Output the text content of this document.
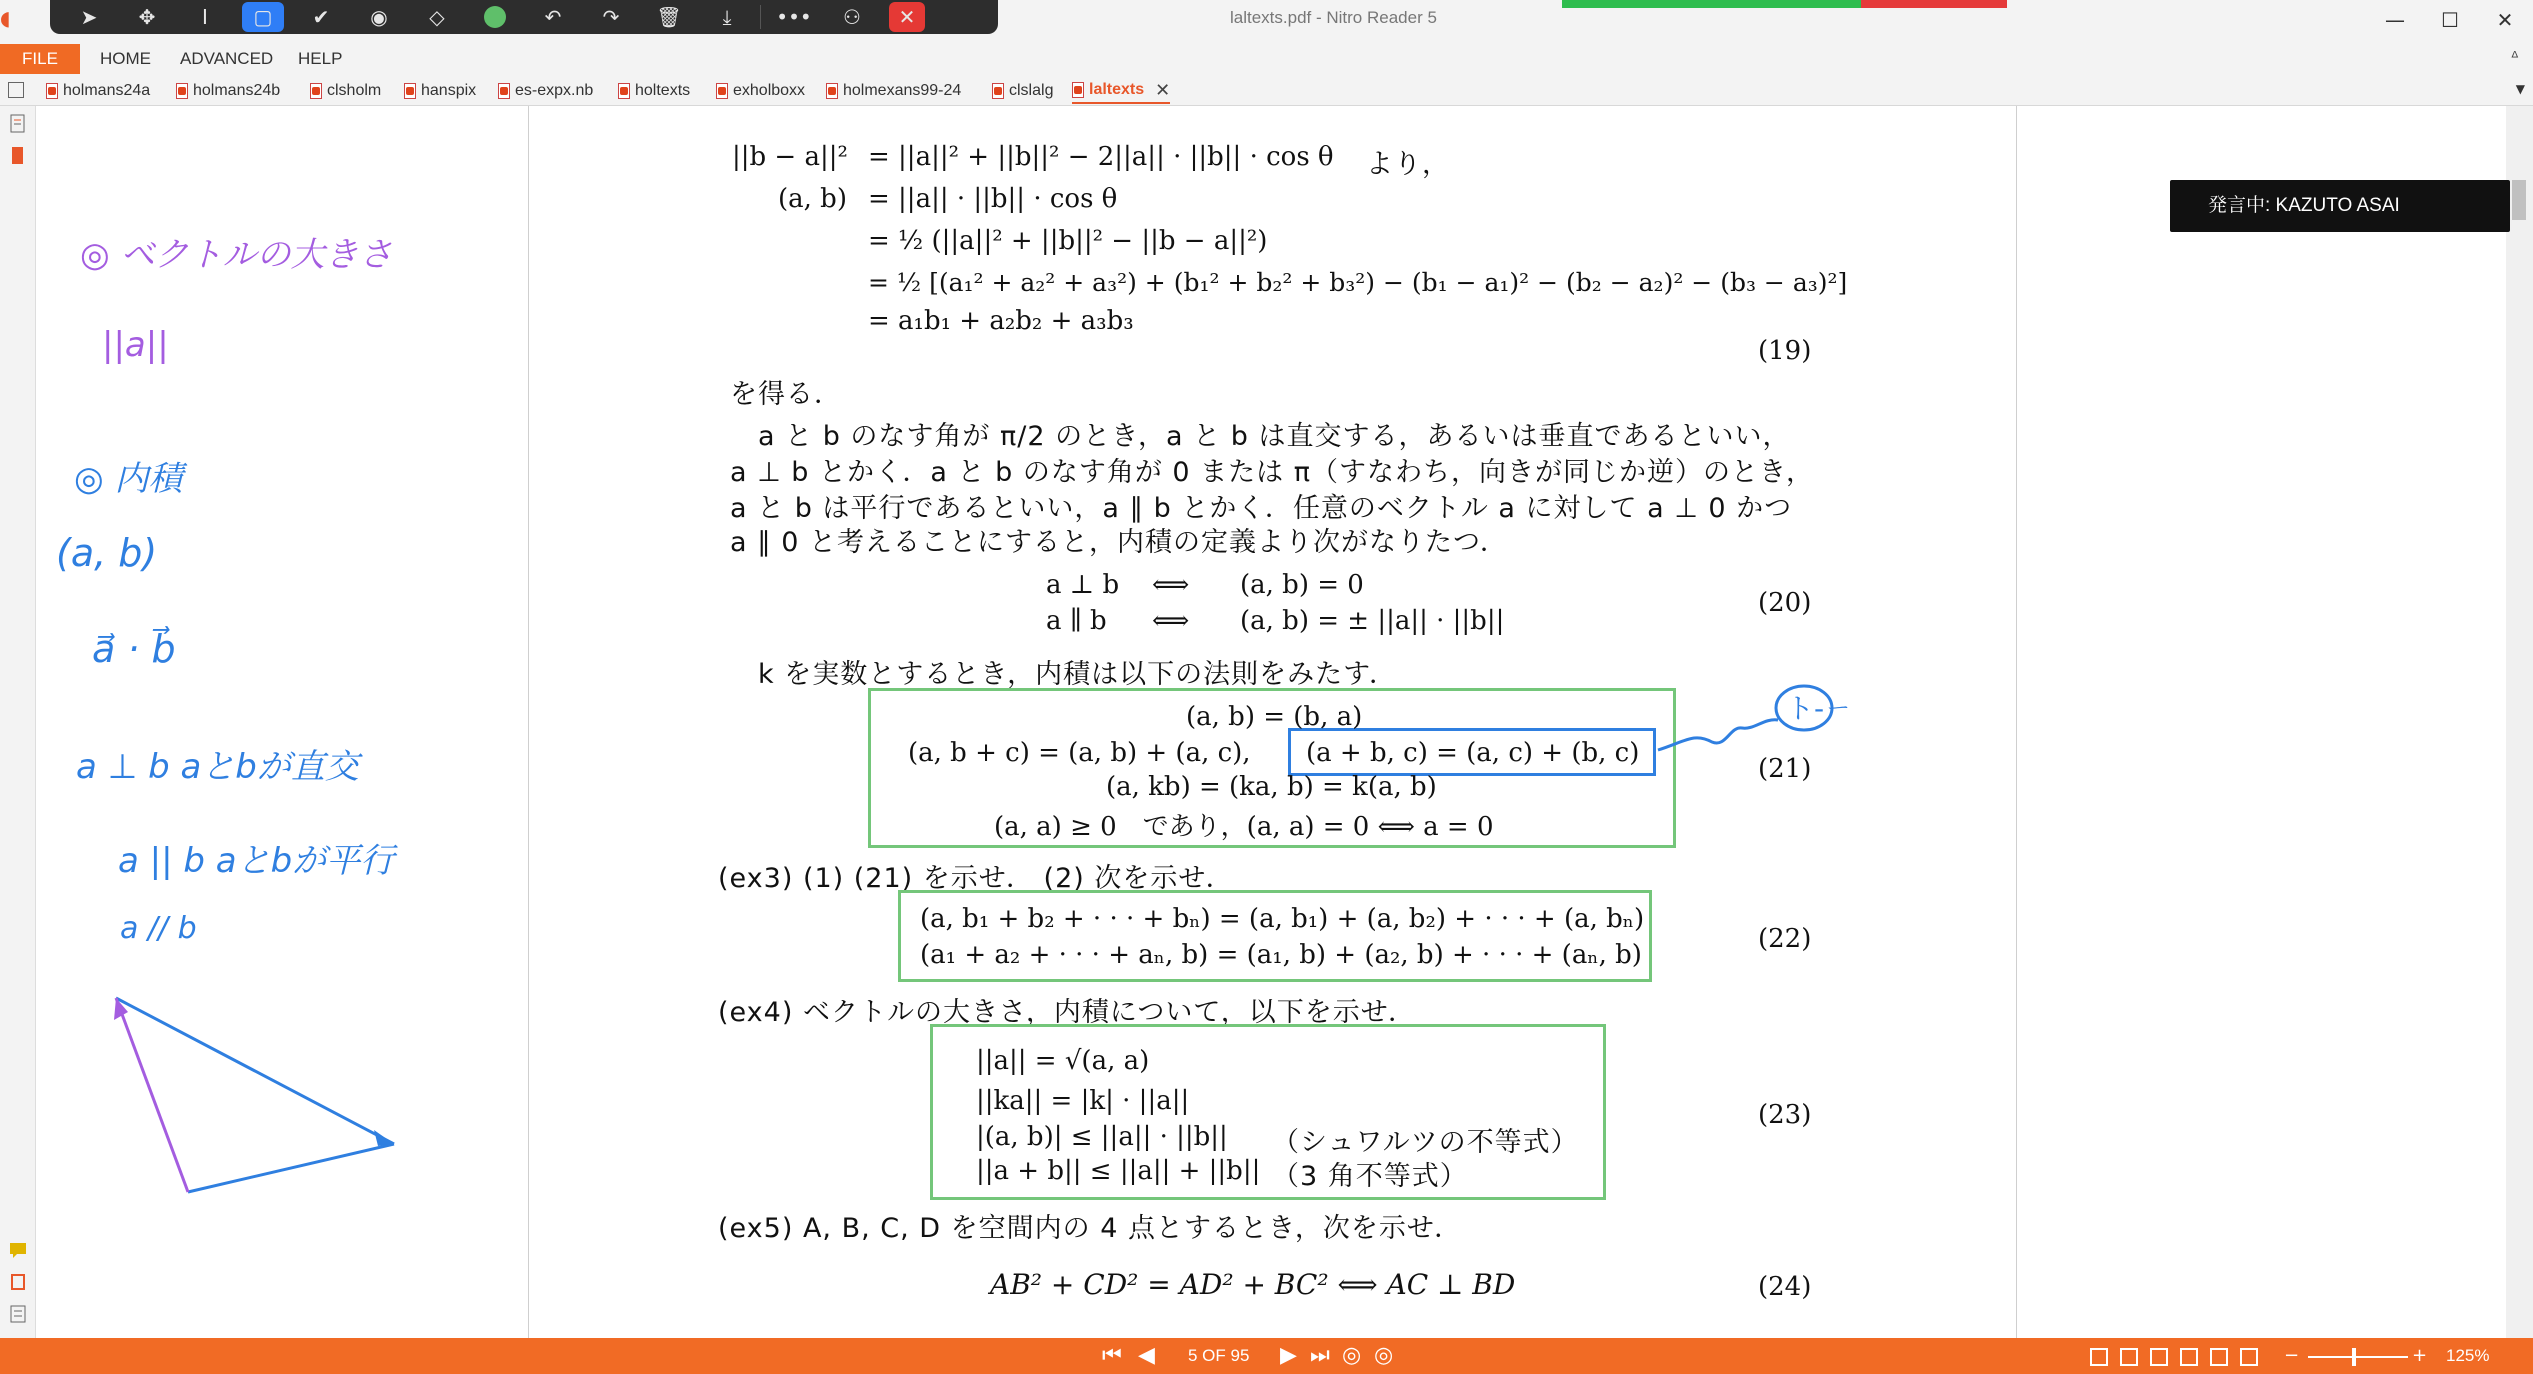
◖	laltexts.pdf - Nitro Reader 5	—	☐	✕
FILE	HOME ADVANCED HELP	ᐞ
➤	✥	I	▢	✔	◉	◇	↶	↷	🗑	⤓	•••	⚇	✕
holmans24a	holmans24b	clsholm hanspix es-expx.nb	holtexts	exholboxx holmexans99-24	clslalg laltexts ✕	▼
◎ ベクトルの大きさ
||a||
◎ 内積
(a, b)
a⃗ · b⃗
a ⊥ b aとbが直交
a || b aとbが平行
a // b
||b − a||² = ||a||² + ||b||² − 2||a|| · ||b|| · cos θ より，
(a, b) = ||a|| · ||b|| · cos θ
= ½ (||a||² + ||b||² − ||b − a||²)
= ½ [(a₁² + a₂² + a₃²) + (b₁² + b₂² + b₃²) − (b₁ − a₁)² − (b₂ − a₂)² − (b₃ − a₃)²]
= a₁b₁ + a₂b₂ + a₃b₃
(19)
を得る．
a と b のなす角が π/2 のとき，a と b は直交する，あるいは垂直であるといい，
a ⊥ b とかく．a と b のなす角が 0 または π（すなわち，向きが同じか逆）のとき，
a と b は平行であるといい，a ∥ b とかく．任意のベクトル a に対して a ⊥ 0 かつ
a ∥ 0 と考えることにすると，内積の定義より次がなりたつ．
a ⊥ b ⟺ (a, b) = 0
a ∥ b ⟺ (a, b) = ± ||a|| · ||b||
(20)
k を実数とするとき，内積は以下の法則をみたす．
(a, b) = (b, a)
(a, b + c) = (a, b) + (a, c), (a + b, c) = (a, c) + (b, c)
(a, kb) = (ka, b) = k(a, b)
(a, a) ≥ 0　であり，(a, a) = 0 ⟺ a = 0
(21)
ト-ㄧ
(ex3) (1) (21) を示せ． (2) 次を示せ．
(a, b₁ + b₂ + · · · + bₙ) = (a, b₁) + (a, b₂) + · · · + (a, bₙ)
(a₁ + a₂ + · · · + aₙ, b) = (a₁, b) + (a₂, b) + · · · + (aₙ, b)
(22)
(ex4) ベクトルの大きさ，内積について，以下を示せ．
||a|| = √(a, a)
||ka|| = |k| · ||a||
|(a, b)| ≤ ||a|| · ||b|| （シュワルツの不等式）
||a + b|| ≤ ||a|| + ||b|| （3 角不等式）
(23)
(ex5) A, B, C, D を空間内の 4 点とするとき，次を示せ．
AB² + CD² = AD² + BC² ⟺ AC ⊥ BD	(24)
発言中: KAZUTO ASAI
⏮ ◀ 5 OF 95 ▶ ⏭ ◎ ◎	−	+ 125%
